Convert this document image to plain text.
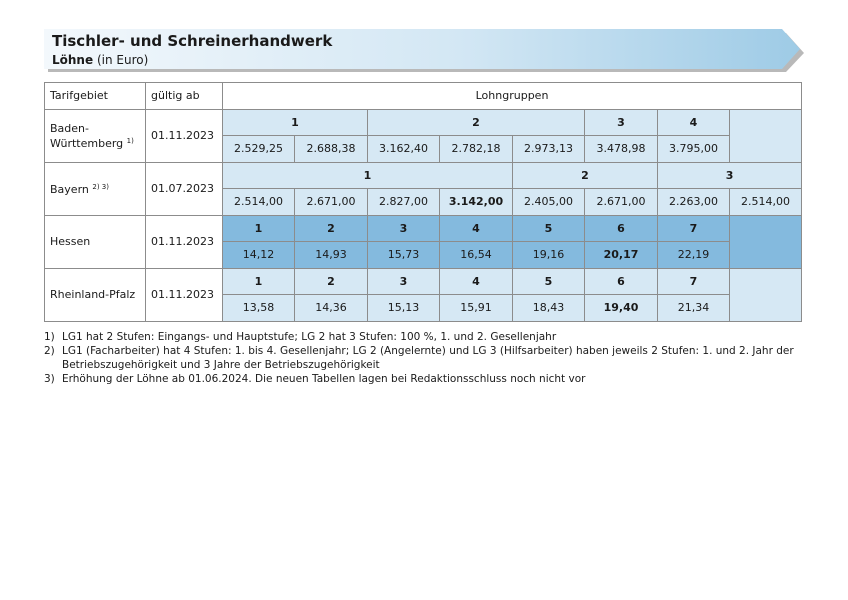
Tischler- und Schreinerhandwerk
Löhne (in Euro)
Tarifgebiet	gültig ab	Lohngruppen							
Baden-
Württemberg $^{1)}$	01.11.2023	1		2			3	4	
		2.529,25	2.688,38	3.162,40	2.782,18	2.973,13	3.478,98	3.795,00	
Bayern $^{2) 3)}$	01.07.2023	1				2		3	
		2.514,00	2.671,00	2.827,00	3.142,00	2.405,00	2.671,00	2.263,00	2.514,00
Hessen	01.11.2023	1	2	3	4	5	6	7	
		14,12	14,93	15,73	16,54	19,16	20,17	22,19	
Rheinland-Pfalz	01.11.2023	1	2	3	4	5	6	7	
		13,58	14,36	15,13	15,91	18,43	19,40	21,34	
1) LG1 hat 2 Stufen: Eingangs- und Hauptstufe; LG 2 hat 3 Stufen: 100 %, 1. und 2. Gesellenjahr
2) LG1 (Facharbeiter) hat 4 Stufen: 1. bis 4. Gesellenjahr; LG 2 (Angelernte) und LG 3 (Hilfsarbeiter) haben jeweils 2 Stufen: 1. und 2. Jahr der Betriebszugehörigkeit und 3 Jahre der Betriebszugehörigkeit
3) Erhöhung der Löhne ab 01.06.2024. Die neuen Tabellen lagen bei Redaktionsschluss noch nicht vor
